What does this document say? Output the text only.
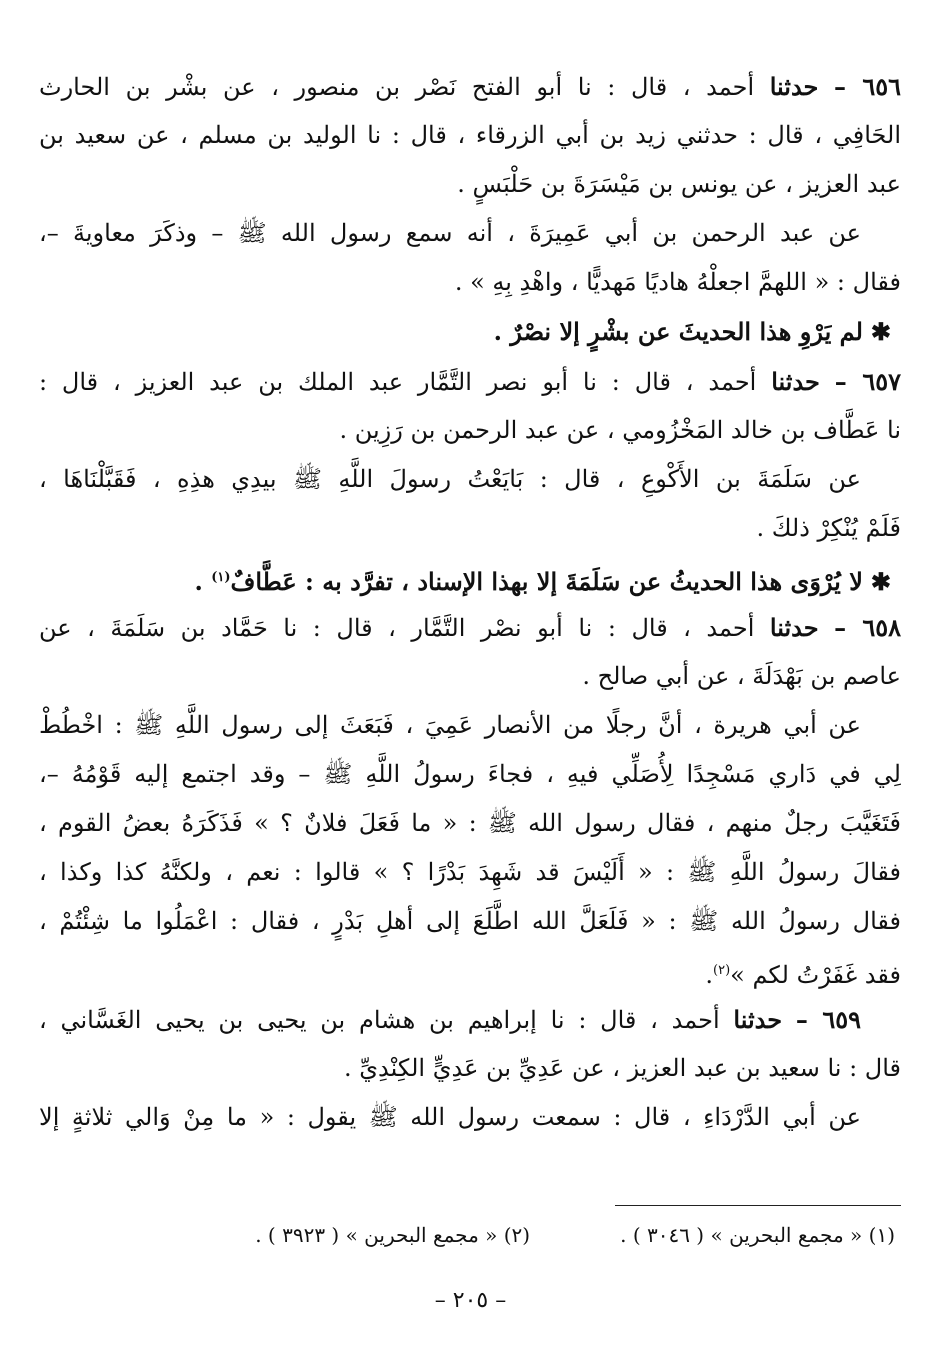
٦٥٦ – حدثنا أحمد ، قال : نا أبو الفتح نَصْر بن منصور ، عن بشْر بن الحارث
الحَافِي ، قال : حدثني زيد بن أبي الزرقاء ، قال : نا الوليد بن مسلم ، عن سعيد بن
عبد العزيز ، عن يونس بن مَيْسَرَةَ بن حَلْبَسٍ .
عن عبد الرحمن بن أبي عَمِيرَةَ ، أنه سمع رسول الله ﷺ – وذكَرَ معاويةَ –،
فقال : « اللهمَّ اجعلْهُ هاديًا مَهديًّا ، واهْدِ بِهِ » .
✱لم يَرْوِ هذا الحديثَ عن بشْرٍ إلا نصْرٌ .
٦٥٧ – حدثنا أحمد ، قال : نا أبو نصر التَّمَّار عبد الملك بن عبد العزيز ، قال :
نا عَطَّاف بن خالد المَخْزُومي ، عن عبد الرحمن بن رَزِين .
عن سَلَمَةَ بن الأَكْوعِ ، قال : بَايَعْتُ رسولَ اللَّهِ ﷺ بيدِي هذِهِ ، فَقَبَّلْنَاهَا ،
فَلَمْ يُنْكِرْ ذلكَ .
✱لا يُرْوَى هذا الحديثُ عن سَلَمَةَ إلا بهذا الإسناد ، تفرَّد به : عَطَّافٌ$^{(١)}$ .
٦٥٨ – حدثنا أحمد ، قال : نا أبو نصْر التَّمَّار ، قال : نا حَمَّاد بن سَلَمَةَ ، عن
عاصم بن بَهْدَلَةَ ، عن أبي صالح .
عن أبي هريرة ، أنَّ رجلًا من الأنصار عَمِيَ ، فَبَعَثَ إلى رسول اللَّهِ ﷺ : اخْطُطْ
لِي في دَاري مَسْجِدًا لِأُصَلِّي فيهِ ، فجاءَ رسولُ اللَّهِ ﷺ – وقد اجتمع إليه قَوْمُهُ –،
فَتَغَيَّبَ رجلٌ منهم ، فقال رسول الله ﷺ : « ما فَعَلَ فلانٌ ؟ » فَذَكَرَهُ بعضُ القوم ،
فقالَ رسولُ اللَّهِ ﷺ : « أَلَيْسَ قد شَهِدَ بَدْرًا ؟ » قالوا : نعم ، ولكنَّهُ كذا وكذا ،
فقال رسولُ الله ﷺ : « فَلَعَلَّ الله اطَّلَعَ إلى أهلِ بَدْرٍ ، فقال : اعْمَلُوا ما شِئْتُمْ ،
فقد غَفَرْتُ لكم »$^{(٢)}$.
٦٥٩ – حدثنا أحمد ، قال : نا إبراهيم بن هشام بن يحيى بن يحيى الغَسَّاني ،
قال : نا سعيد بن عبد العزيز ، عن عَدِيِّ بن عَدِيٍّ الكِنْدِيِّ .
عن أبي الدَّرْدَاءِ ، قال : سمعت رسول الله ﷺ يقول : « ما مِنْ وَالي ثلاثةٍ إلا
(١) « مجمع البحرين » ( ٣٠٤٦ ) .(٢) « مجمع البحرين » ( ٣٩٢٣ ) .
– ٢٠٥ –
